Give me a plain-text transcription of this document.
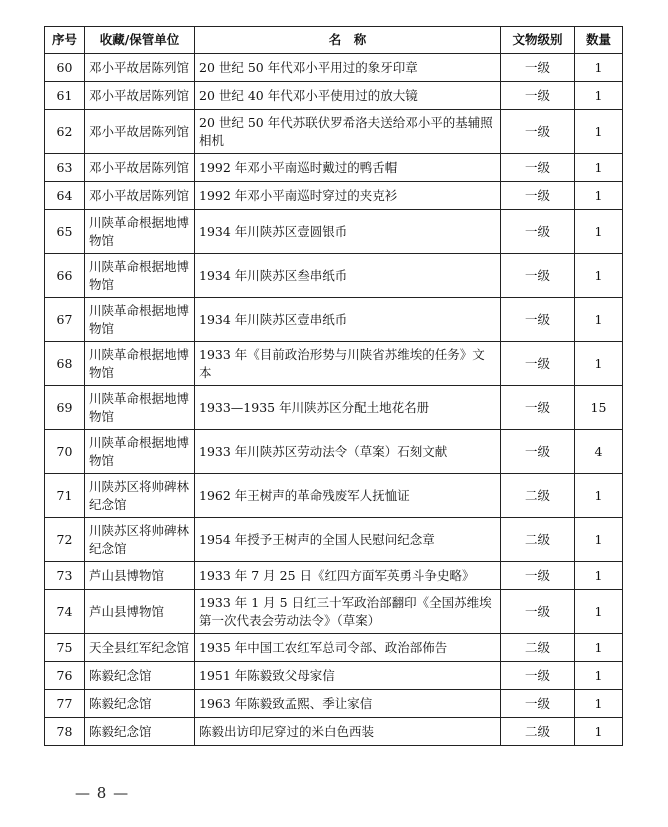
序号	收藏/保管单位	名　称	文物级别	数量
60	邓小平故居陈列馆	20 世纪 50 年代邓小平用过的象牙印章	一级	1
61	邓小平故居陈列馆	20 世纪 40 年代邓小平使用过的放大镜	一级	1
62	邓小平故居陈列馆	20 世纪 50 年代苏联伏罗希洛夫送给邓小平的基辅照相机	一级	1
63	邓小平故居陈列馆	1992 年邓小平南巡时戴过的鸭舌帽	一级	1
64	邓小平故居陈列馆	1992 年邓小平南巡时穿过的夹克衫	一级	1
65	川陕革命根据地博物馆	1934 年川陕苏区壹圆银币	一级	1
66	川陕革命根据地博物馆	1934 年川陕苏区叁串纸币	一级	1
67	川陕革命根据地博物馆	1934 年川陕苏区壹串纸币	一级	1
68	川陕革命根据地博物馆	1933 年《目前政治形势与川陕省苏维埃的任务》文本	一级	1
69	川陕革命根据地博物馆	1933—1935 年川陕苏区分配土地花名册	一级	15
70	川陕革命根据地博物馆	1933 年川陕苏区劳动法令（草案）石刻文献	一级	4
71	川陕苏区将帅碑林纪念馆	1962 年王树声的革命残废军人抚恤证	二级	1
72	川陕苏区将帅碑林纪念馆	1954 年授予王树声的全国人民慰问纪念章	二级	1
73	芦山县博物馆	1933 年 7 月 25 日《红四方面军英勇斗争史略》	一级	1
74	芦山县博物馆	1933 年 1 月 5 日红三十军政治部翻印《全国苏维埃第一次代表会劳动法令》（草案）	一级	1
75	天全县红军纪念馆	1935 年中国工农红军总司令部、政治部佈告	二级	1
76	陈毅纪念馆	1951 年陈毅致父母家信	一级	1
77	陈毅纪念馆	1963 年陈毅致孟熙、季让家信	一级	1
78	陈毅纪念馆	陈毅出访印尼穿过的米白色西装	二级	1
— 8 —
